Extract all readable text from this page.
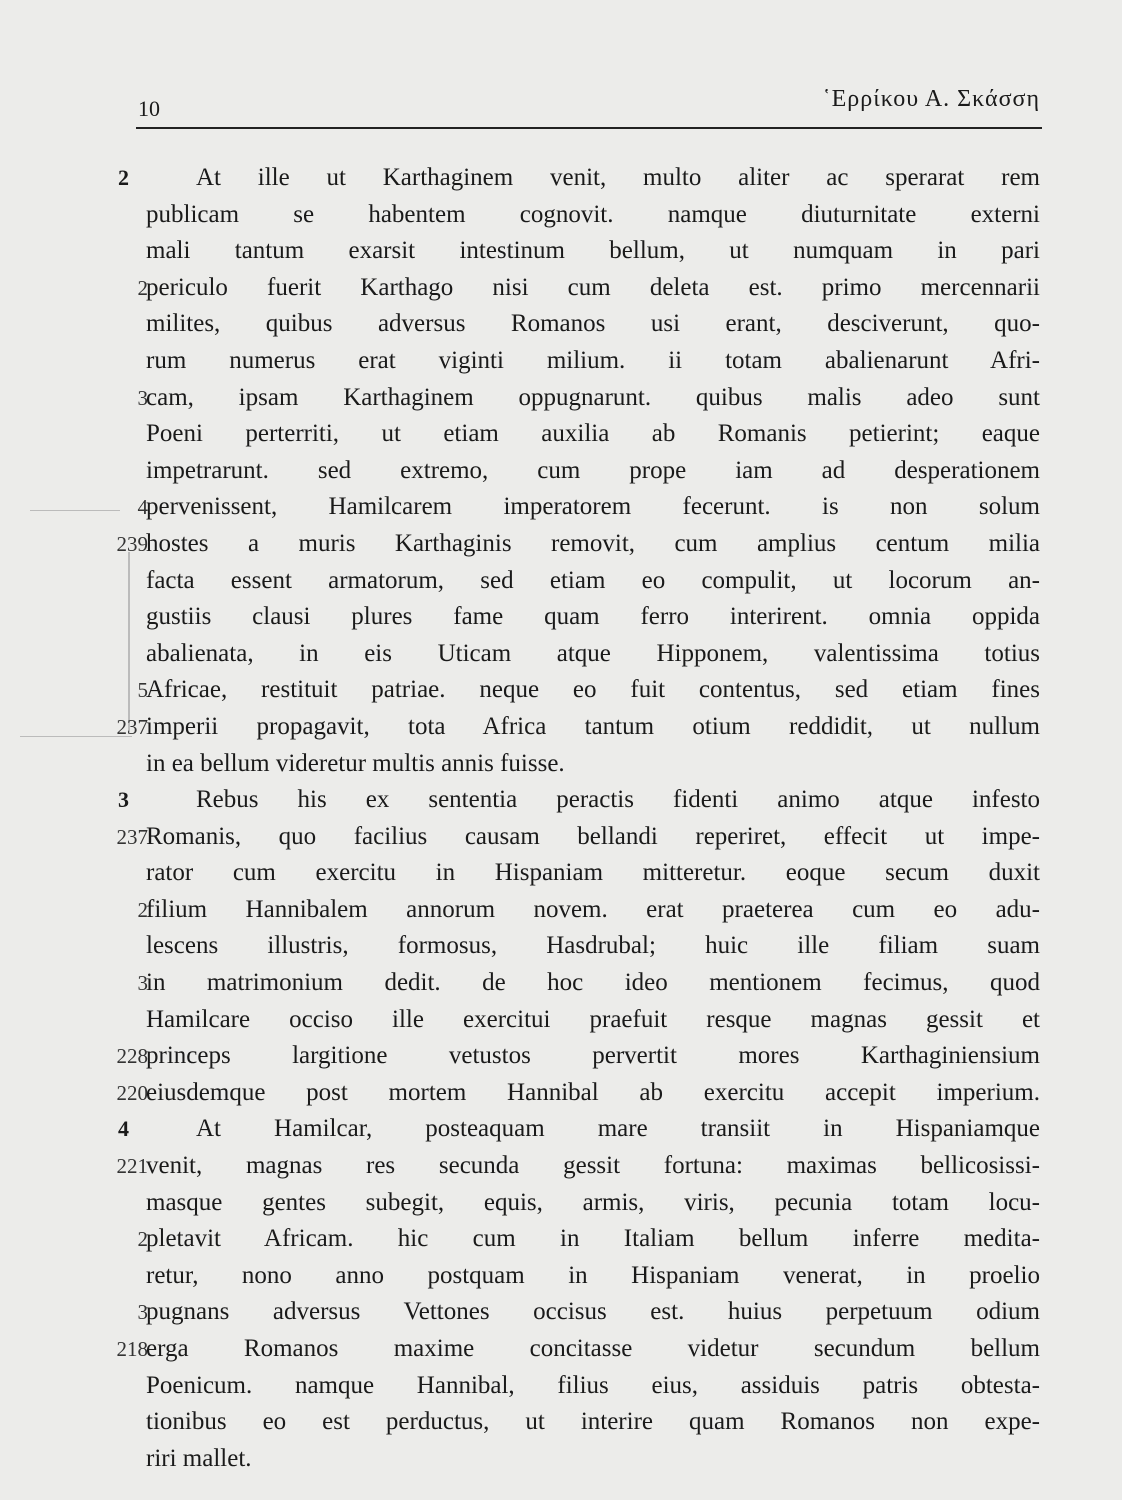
10	῾Ερρίκου Α. Σκάσση
2	At ille ut Karthaginem venit, multo aliter ac sperarat rem
publicam se habentem cognovit. namque diuturnitate externi
mali tantum exarsit intestinum bellum, ut numquam in pari
2
periculo fuerit Karthago nisi cum deleta est. primo mercennarii
milites, quibus adversus Romanos usi erant, desciverunt, quo-
rum numerus erat viginti milium. ii totam abalienarunt Afri-
3
cam, ipsam Karthaginem oppugnarunt. quibus malis adeo sunt
Poeni perterriti, ut etiam auxilia ab Romanis petierint; eaque
impetrarunt. sed extremo, cum prope iam ad desperationem
4
pervenissent, Hamilcarem imperatorem fecerunt. is non solum
239
hostes a muris Karthaginis removit, cum amplius centum milia
facta essent armatorum, sed etiam eo compulit, ut locorum an-
gustiis clausi plures fame quam ferro interirent. omnia oppida
abalienata, in eis Uticam atque Hipponem, valentissima totius
5
Africae, restituit patriae. neque eo fuit contentus, sed etiam fines
237
imperii propagavit, tota Africa tantum otium reddidit, ut nullum
in ea bellum videretur multis annis fuisse.
3	Rebus his ex sententia peractis fidenti animo atque infesto
237
Romanis, quo facilius causam bellandi reperiret, effecit ut impe-
rator cum exercitu in Hispaniam mitteretur. eoque secum duxit
2
filium Hannibalem annorum novem. erat praeterea cum eo adu-
lescens illustris, formosus, Hasdrubal; huic ille filiam suam
3
in matrimonium dedit. de hoc ideo mentionem fecimus, quod
Hamilcare occiso ille exercitui praefuit resque magnas gessit et
228
princeps largitione vetustos pervertit mores Karthaginiensium
220
eiusdemque post mortem Hannibal ab exercitu accepit imperium.
4	At Hamilcar, posteaquam mare transiit in Hispaniamque
221
venit, magnas res secunda gessit fortuna: maximas bellicosissi-
masque gentes subegit, equis, armis, viris, pecunia totam locu-
2
pletavit Africam. hic cum in Italiam bellum inferre medita-
retur, nono anno postquam in Hispaniam venerat, in proelio
3
pugnans adversus Vettones occisus est. huius perpetuum odium
218
erga Romanos maxime concitasse videtur secundum bellum
Poenicum. namque Hannibal, filius eius, assiduis patris obtesta-
tionibus eo est perductus, ut interire quam Romanos non expe-
riri mallet.
